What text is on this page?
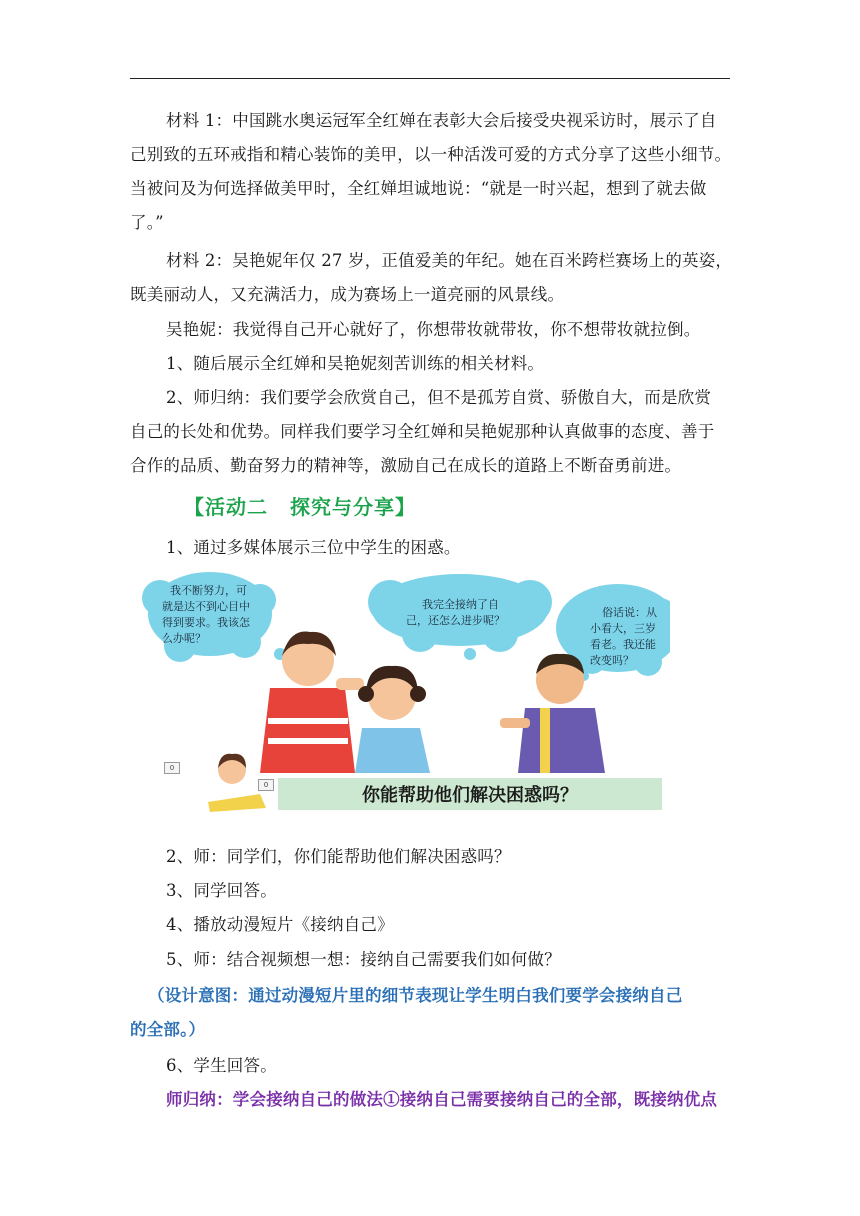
材料 1：中国跳水奥运冠军全红婵在表彰大会后接受央视采访时，展示了自
己别致的五环戒指和精心装饰的美甲，以一种活泼可爱的方式分享了这些小细节。
当被问及为何选择做美甲时，全红婵坦诚地说：“就是一时兴起，想到了就去做
了。”
材料 2：吴艳妮年仅 27 岁，正值爱美的年纪。她在百米跨栏赛场上的英姿，
既美丽动人，又充满活力，成为赛场上一道亮丽的风景线。
吴艳妮：我觉得自己开心就好了，你想带妆就带妆，你不想带妆就拉倒。
1、随后展示全红婵和吴艳妮刻苦训练的相关材料。
2、师归纳：我们要学会欣赏自己，但不是孤芳自赏、骄傲自大，而是欣赏
自己的长处和优势。同样我们要学习全红婵和吴艳妮那种认真做事的态度、善于
合作的品质、勤奋努力的精神等，激励自己在成长的道路上不断奋勇前进。
【活动二 探究与分享】
1、通过多媒体展示三位中学生的困惑。
我不断努力，可
就是达不到心目中
得到要求。我该怎
么办呢？
我完全接纳了自
己，还怎么进步呢？
俗话说：从
小看大，三岁
看老。我还能
改变吗？
你能帮助他们解决困惑吗？
0
0
2、师：同学们，你们能帮助他们解决困惑吗？
3、同学回答。
4、播放动漫短片《接纳自己》
5、师：结合视频想一想：接纳自己需要我们如何做？
（设计意图：通过动漫短片里的细节表现让学生明白我们要学会接纳自己
的全部。）
6、学生回答。
师归纳：学会接纳自己的做法①接纳自己需要接纳自己的全部，既接纳优点
